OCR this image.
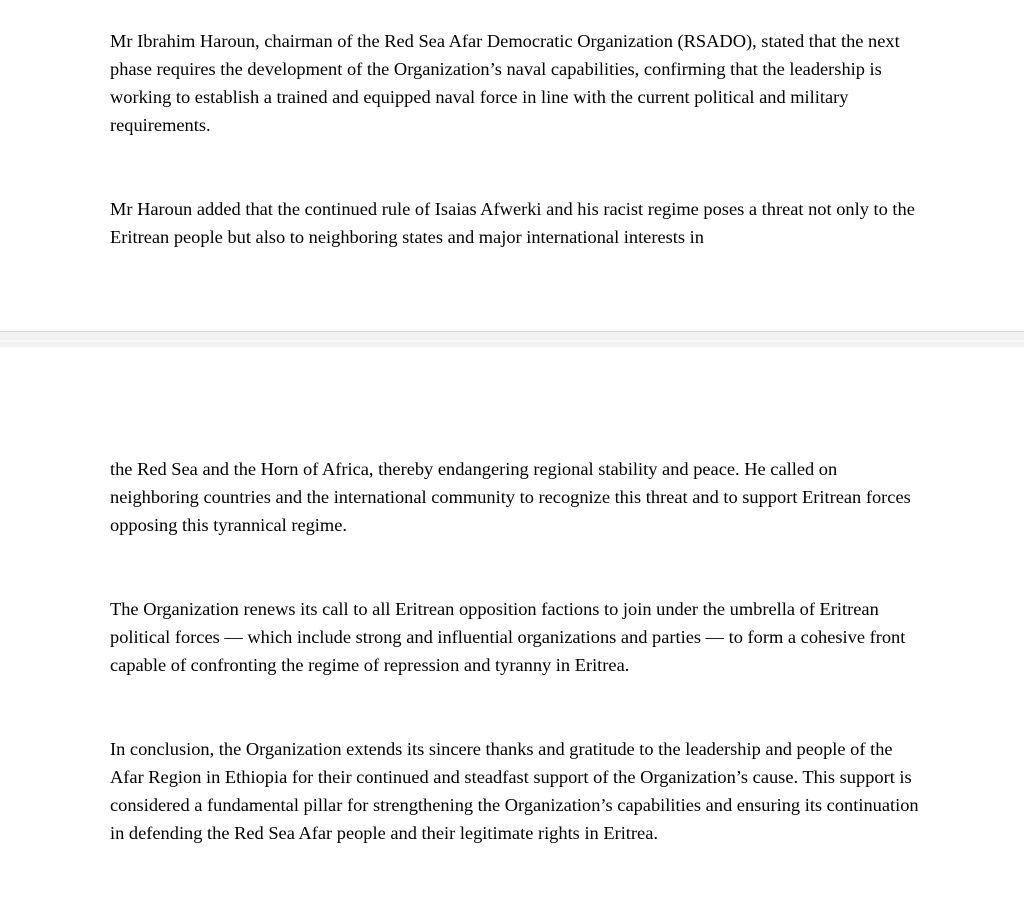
Mr Ibrahim Haroun, chairman of the Red Sea Afar Democratic Organization (RSADO), stated that the next phase requires the development of the Organization’s naval capabilities, confirming that the leadership is working to establish a trained and equipped naval force in line with the current political and military requirements.

Mr Haroun added that the continued rule of Isaias Afwerki and his racist regime poses a threat not only to the Eritrean people but also to neighboring states and major international interests in

the Red Sea and the Horn of Africa, thereby endangering regional stability and peace. He called on neighboring countries and the international community to recognize this threat and to support Eritrean forces opposing this tyrannical regime.

The Organization renews its call to all Eritrean opposition factions to join under the umbrella of Eritrean political forces — which include strong and influential organizations and parties — to form a cohesive front capable of confronting the regime of repression and tyranny in Eritrea.

In conclusion, the Organization extends its sincere thanks and gratitude to the leadership and people of the Afar Region in Ethiopia for their continued and steadfast support of the Organization’s cause. This support is considered a fundamental pillar for strengthening the Organization’s capabilities and ensuring its continuation in defending the Red Sea Afar people and their legitimate rights in Eritrea.
